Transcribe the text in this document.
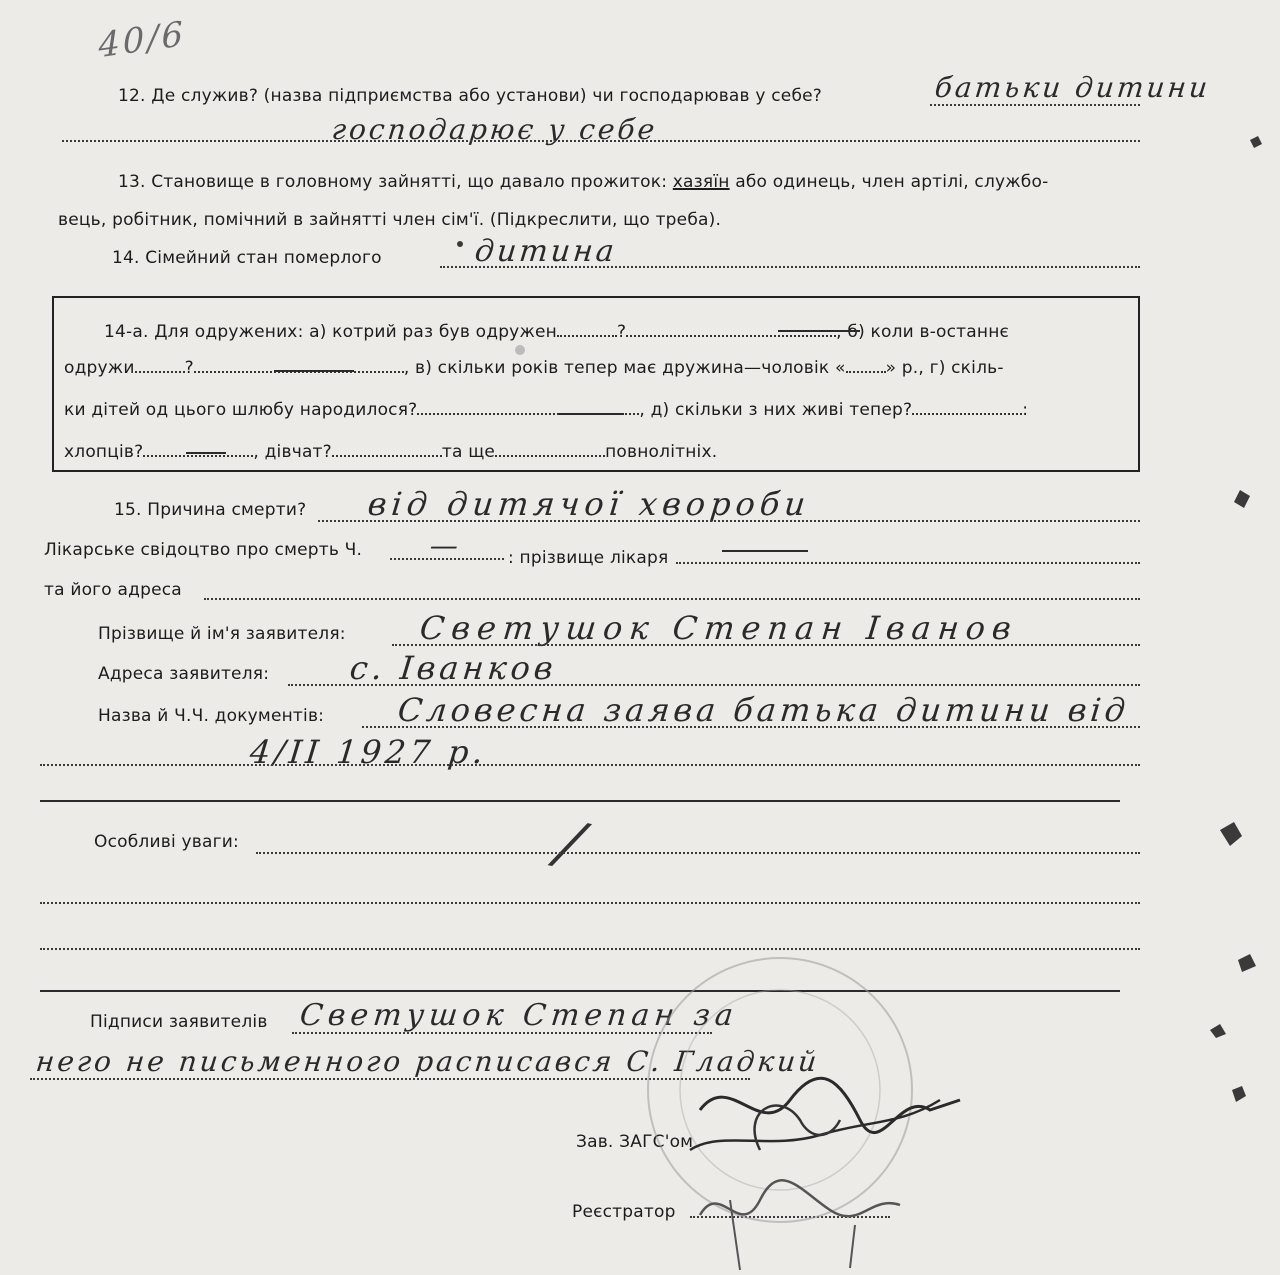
40/6
12. Де служив? (назва підприємства або установи) чи господарював у себе?	батьки дитини
господарює у себе
13. Становище в головному зайнятті, що давало прожиток: хазяїн або одинець, член артілі, службо-
вець, робітник, помічний в зайнятті член сім'ї. (Підкреслити, що треба).
14. Сімейний стан померлого	дитина
14-а. Для одружених: а) котрий раз був одружен	?	, б) коли в-останнє
одружи	?	, в) скільки років тепер має дружина—чоловік « » р., г) скіль-
ки дітей од цього шлюбу народилося?	, д) скільки з них живі тепер?	:
хлопців?	, дівчат?	та ще	повнолітніх.
15. Причина смерти? від дитячої хвороби
Лікарське свідоцтво про смерть Ч. —	: прізвище лікаря
та його адреса
Прізвище й ім'я заявителя: Светушок Степан Іванов
Адреса заявителя: с. Іванков
Назва й Ч.Ч. документів: Словесна заява батька дитини від
4/ІІ 1927 р.
Особливі уваги:	/
Підписи заявителів Светушок Степан за
него не письменного расписався С. Гладкий
Зав. ЗАГС'ом
Реєстратор
